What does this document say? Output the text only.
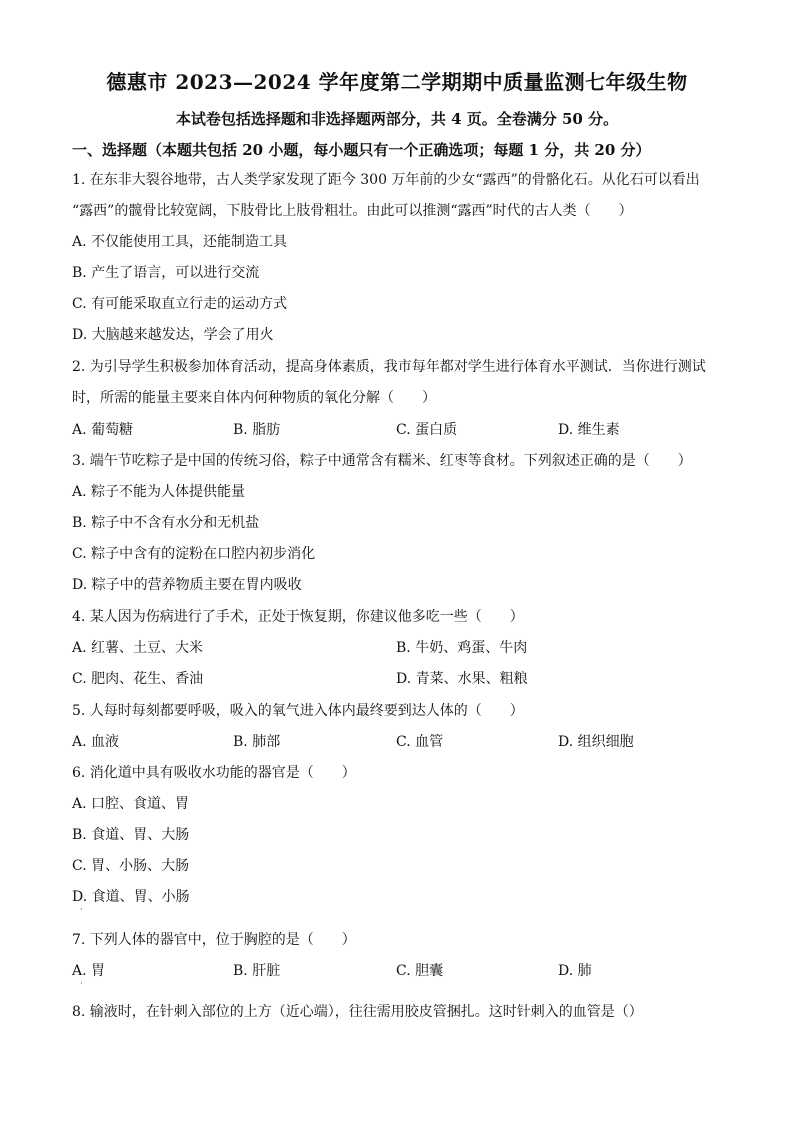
德惠市 2023—2024 学年度第二学期期中质量监测七年级生物
本试卷包括选择题和非选择题两部分，共 4 页。全卷满分 50 分。
一、选择题（本题共包括 20 小题，每小题只有一个正确选项；每题 1 分，共 20 分）
1. 在东非大裂谷地带，古人类学家发现了距今 300 万年前的少女“露西”的骨骼化石。从化石可以看出
“露西”的髋骨比较宽阔，下肢骨比上肢骨粗壮。由此可以推测“露西”时代的古人类（　　）
A. 不仅能使用工具，还能制造工具
B. 产生了语言，可以进行交流
C. 有可能采取直立行走的运动方式
D. 大脑越来越发达，学会了用火
2. 为引导学生积极参加体育活动，提高身体素质，我市每年都对学生进行体育水平测试．当你进行测试
时，所需的能量主要来自体内何种物质的氧化分解（　　）
A. 葡萄糖	B. 脂肪	C. 蛋白质	D. 维生素
3. 端午节吃粽子是中国的传统习俗，粽子中通常含有糯米、红枣等食材。下列叙述正确的是（　　）
A. 粽子不能为人体提供能量
B. 粽子中不含有水分和无机盐
C. 粽子中含有的淀粉在口腔内初步消化
D. 粽子中的营养物质主要在胃内吸收
4. 某人因为伤病进行了手术，正处于恢复期，你建议他多吃一些（　　）
A. 红薯、土豆、大米	B. 牛奶、鸡蛋、牛肉
C. 肥肉、花生、香油	D. 青菜、水果、粗粮
5. 人每时每刻都要呼吸，吸入的氧气进入体内最终要到达人体的（　　）
A. 血液	B. 肺部	C. 血管	D. 组织细胞
6. 消化道中具有吸收水功能的器官是（　　）
A. 口腔、食道、胃
B. 食道、胃、大肠
C. 胃、小肠、大肠
D. 食道、胃、小肠
·
7. 下列人体的器官中，位于胸腔的是（　　）
A. 胃	B. 肝脏	C. 胆囊	D. 肺
·
8. 输液时，在针刺入部位的上方（近心端），往往需用胶皮管捆扎。这时针刺入的血管是（）
